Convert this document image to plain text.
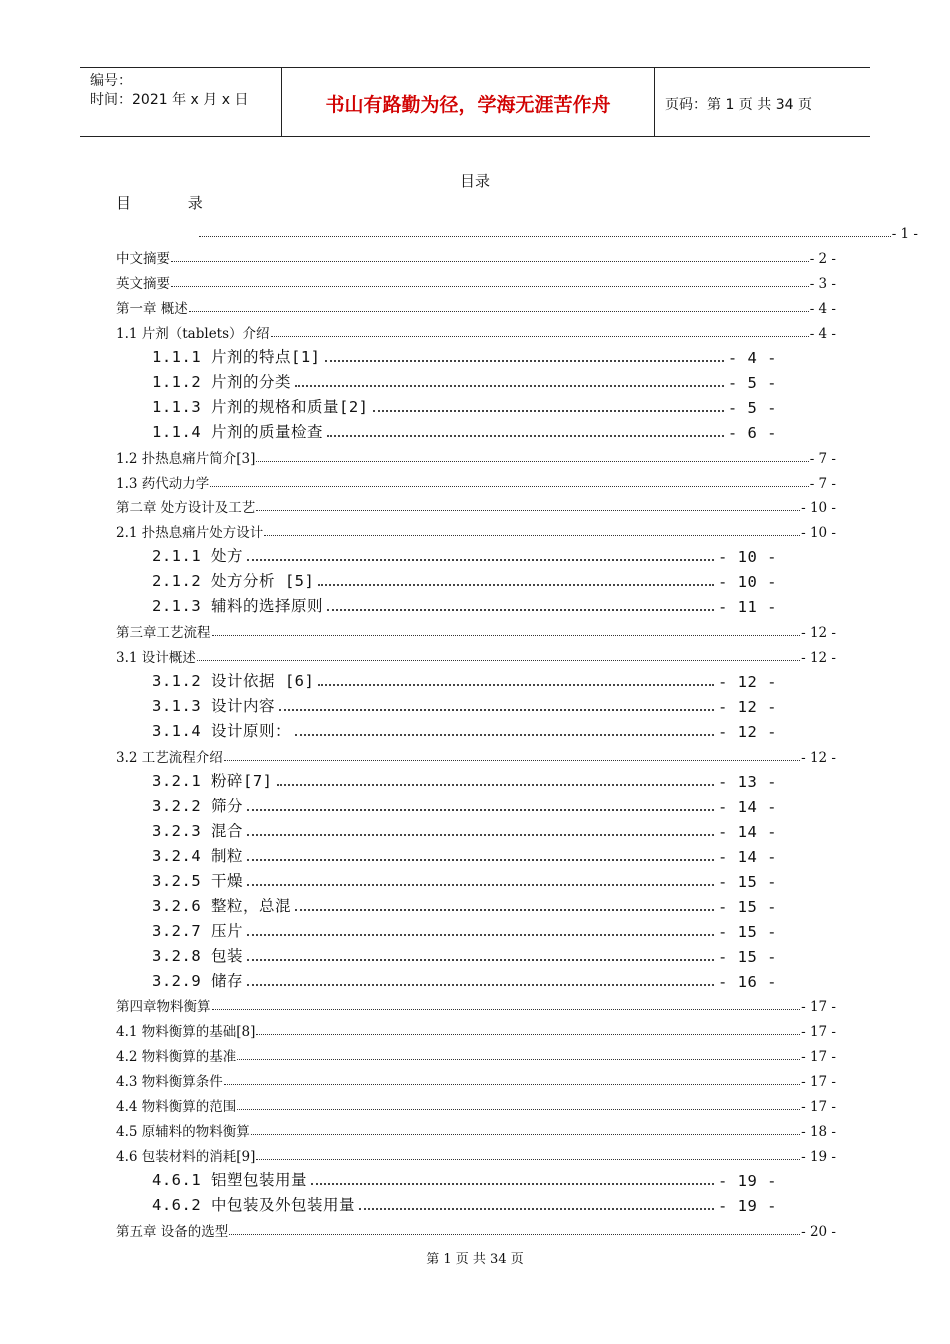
编号：
时间：2021 年 x 月 x 日	书山有路勤为径，学海无涯苦作舟	页码：第 1 页 共 34 页
目录
目 录
- 1 -
中文摘要	- 2 -
英文摘要	- 3 -
第一章 概述	- 4 -
1.1 片剂（tablets）介绍	- 4 -
1.1.1 片剂的特点[1]	- 4 -
1.1.2 片剂的分类	- 5 -
1.1.3 片剂的规格和质量[2]	- 5 -
1.1.4 片剂的质量检查	- 6 -
1.2 扑热息痛片简介[3]	- 7 -
1.3 药代动力学	- 7 -
第二章 处方设计及工艺	- 10 -
2.1 扑热息痛片处方设计	- 10 -
2.1.1 处方	- 10 -
2.1.2 处方分析 [5]	- 10 -
2.1.3 辅料的选择原则	- 11 -
第三章工艺流程	- 12 -
3.1 设计概述	- 12 -
3.1.2 设计依据 [6]	- 12 -
3.1.3 设计内容	- 12 -
3.1.4 设计原则：	- 12 -
3.2 工艺流程介绍	- 12 -
3.2.1 粉碎[7]	- 13 -
3.2.2 筛分	- 14 -
3.2.3 混合	- 14 -
3.2.4 制粒	- 14 -
3.2.5 干燥	- 15 -
3.2.6 整粒，总混	- 15 -
3.2.7 压片	- 15 -
3.2.8 包装	- 15 -
3.2.9 储存	- 16 -
第四章物料衡算	- 17 -
4.1 物料衡算的基础[8]	- 17 -
4.2 物料衡算的基准	- 17 -
4.3 物料衡算条件	- 17 -
4.4 物料衡算的范围	- 17 -
4.5 原辅料的物料衡算	- 18 -
4.6 包装材料的消耗[9]	- 19 -
4.6.1 铝塑包装用量	- 19 -
4.6.2 中包装及外包装用量	- 19 -
第五章 设备的选型	- 20 -
第 1 页 共 34 页
